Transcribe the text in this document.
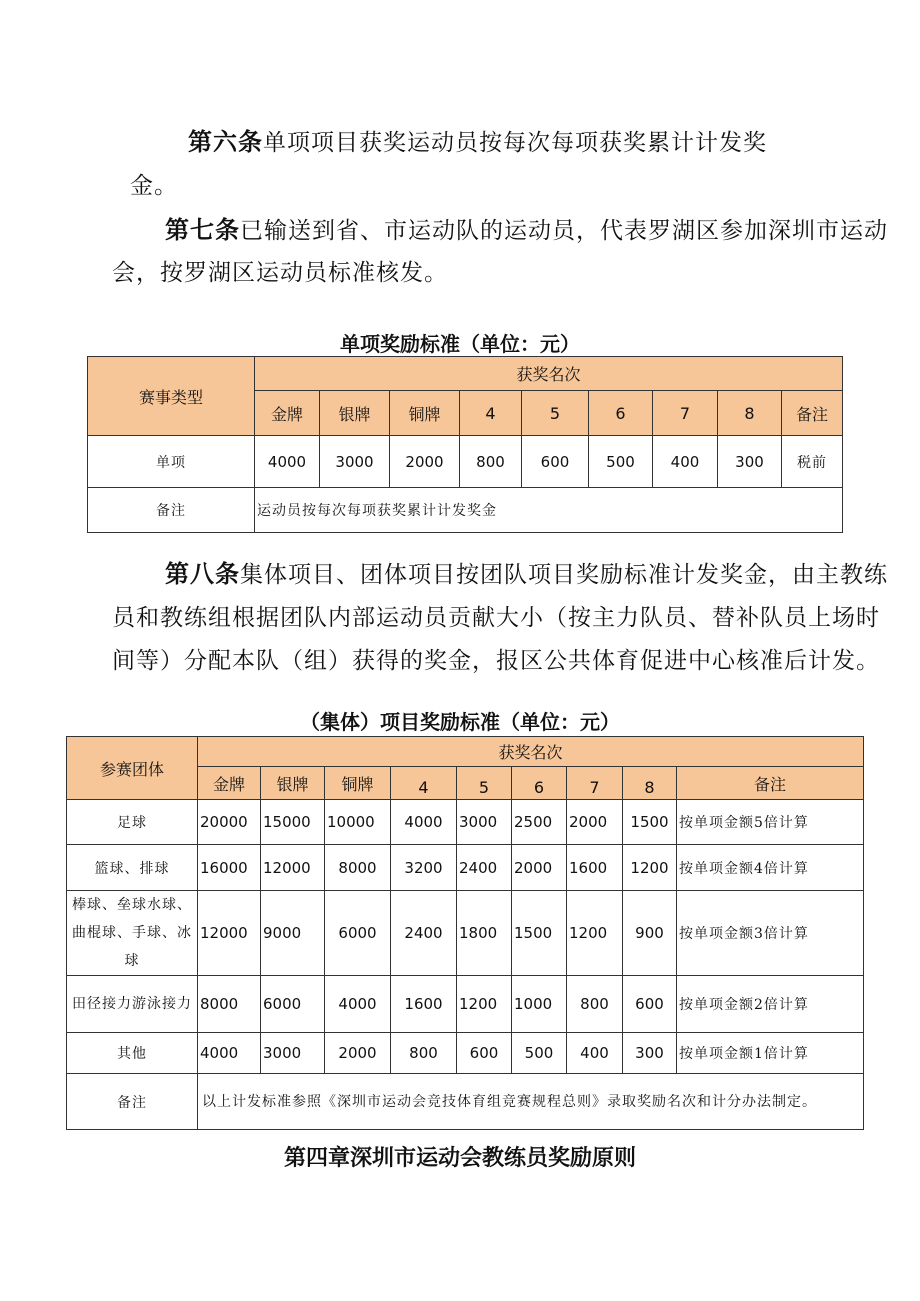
第六条单项项目获奖运动员按每次每项获奖累计计发奖
金。
第七条已输送到省、市运动队的运动员，代表罗湖区参加深圳市运动
会，按罗湖区运动员标准核发。
单项奖励标准（单位：元）
赛事类型	获奖名次								
	金牌	银牌	铜牌	4	5	6	7	8	备注
单项	4000	3000	2000	800	600	500	400	300	税前
备注	运动员按每次每项获奖累计计发奖金								
第八条集体项目、团体项目按团队项目奖励标准计发奖金，由主教练
员和教练组根据团队内部运动员贡献大小（按主力队员、替补队员上场时
间等）分配本队（组）获得的奖金，报区公共体育促进中心核准后计发。
（集体）项目奖励标准（单位：元）
参赛团体	获奖名次								
	金牌	银牌	铜牌	4	5	6	7	8	备注
足球	20000	15000	10000	4000	3000	2500	2000	1500	按单项金额5倍计算
篮球、排球	16000	12000	8000	3200	2400	2000	1600	1200	按单项金额4倍计算
棒球、垒球水球、曲棍球、手球、冰球	12000	9000	6000	2400	1800	1500	1200	900	按单项金额3倍计算
田径接力游泳接力	8000	6000	4000	1600	1200	1000	800	600	按单项金额2倍计算
其他	4000	3000	2000	800	600	500	400	300	按单项金额1倍计算
备注	以上计发标准参照《深圳市运动会竞技体育组竞赛规程总则》录取奖励名次和计分办法制定。								
第四章深圳市运动会教练员奖励原则
